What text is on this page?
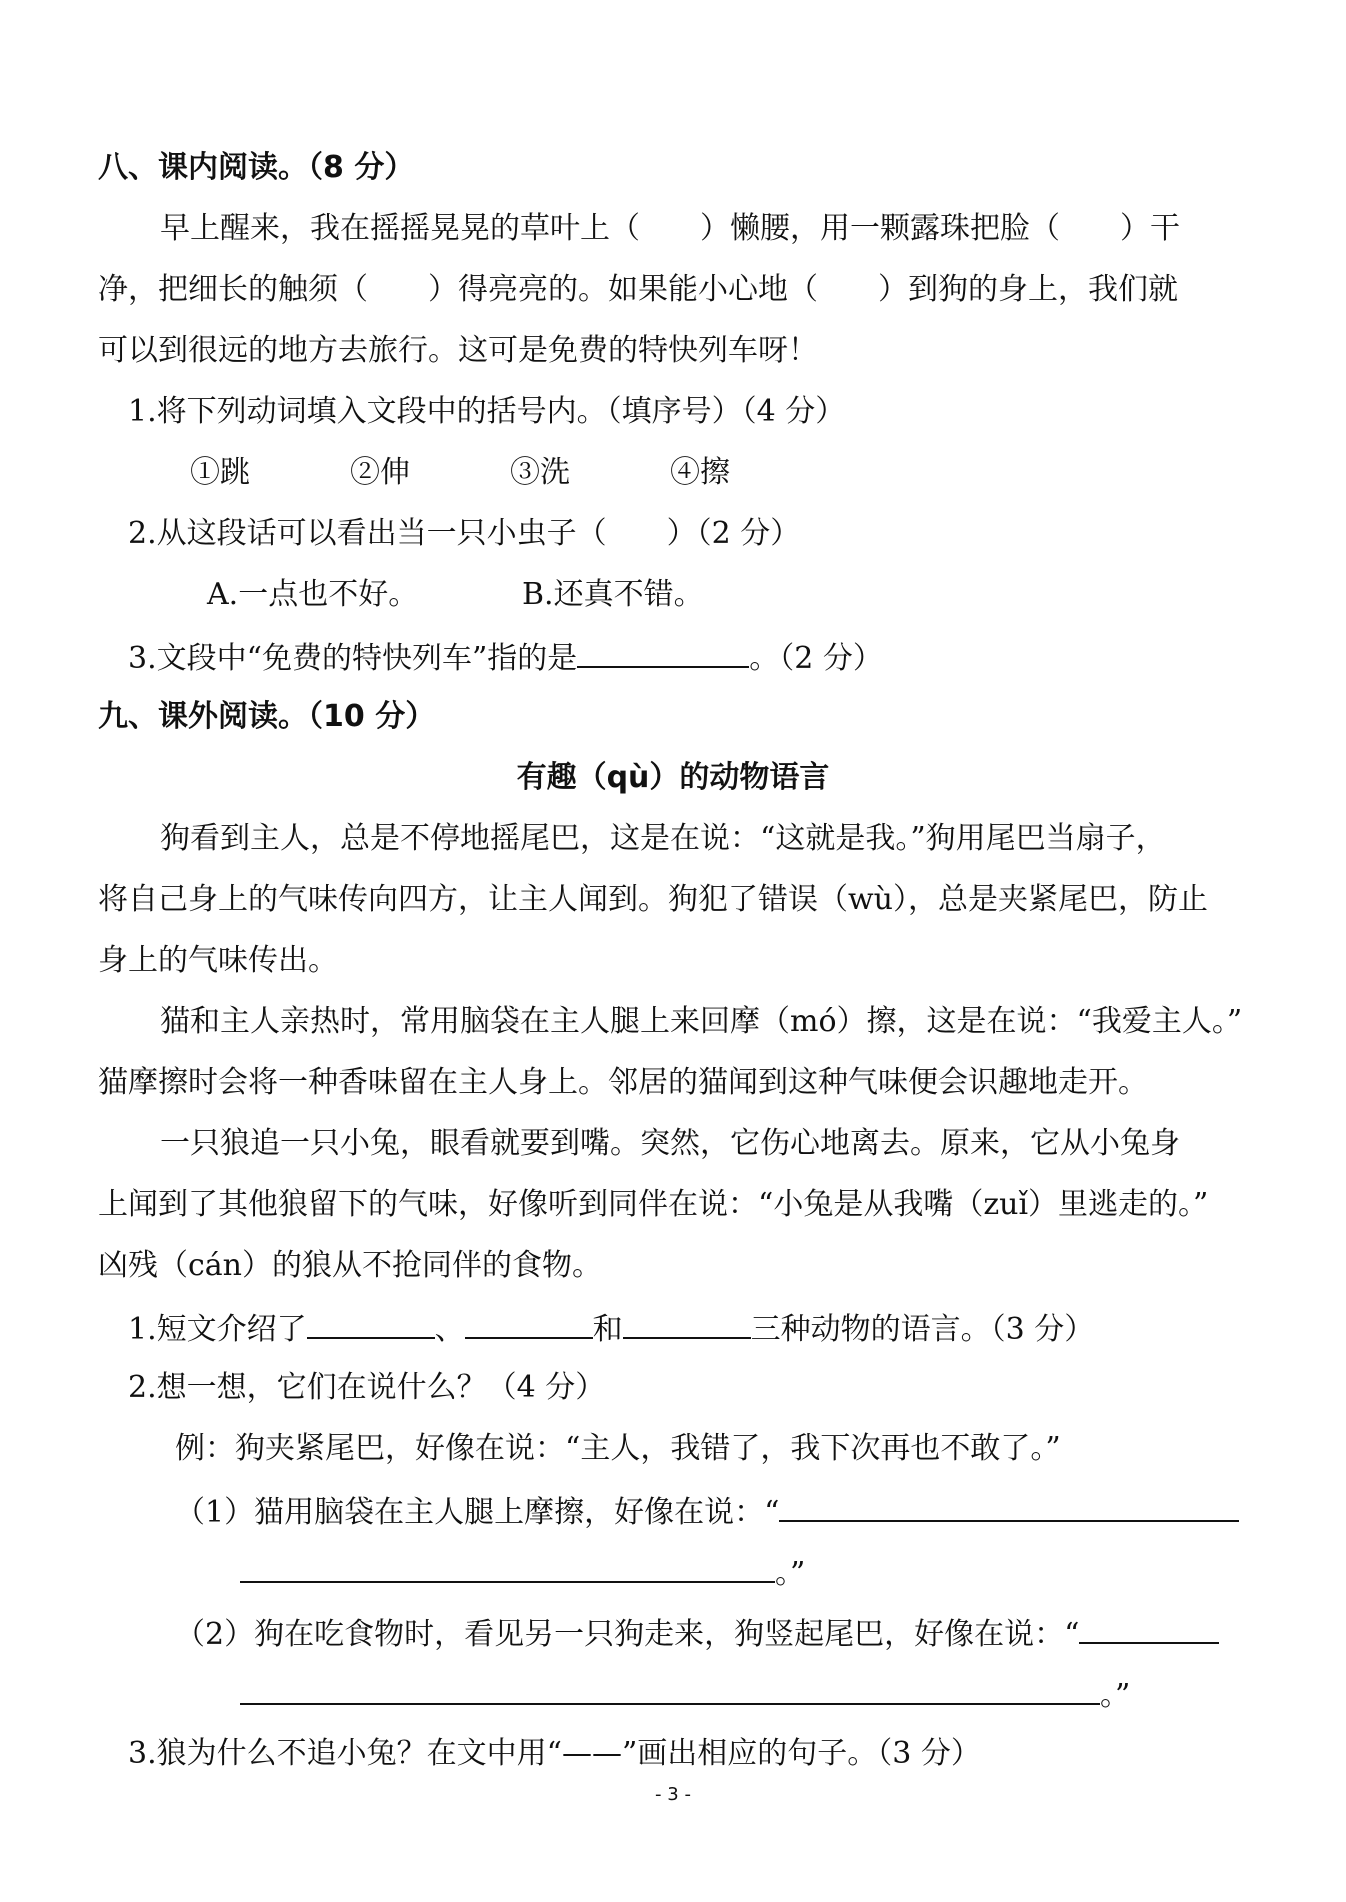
八、课内阅读。（8 分）
早上醒来，我在摇摇晃晃的草叶上（　　）懒腰，用一颗露珠把脸（　　）干
净，把细长的触须（　　）得亮亮的。如果能小心地（　　）到狗的身上，我们就
可以到很远的地方去旅行。这可是免费的特快列车呀！
1.将下列动词填入文段中的括号内。（填序号）（4 分）
①跳	②伸	③洗	④擦
2.从这段话可以看出当一只小虫子（　　）（2 分）
A.一点也不好。	B.还真不错。
3.文段中“免费的特快列车”指的是	。（2 分）
九、课外阅读。（10 分）
有趣（qù）的动物语言
狗看到主人，总是不停地摇尾巴，这是在说：“这就是我。”狗用尾巴当扇子，
将自己身上的气味传向四方，让主人闻到。狗犯了错误（wù），总是夹紧尾巴，防止
身上的气味传出。
猫和主人亲热时，常用脑袋在主人腿上来回摩（mó）擦，这是在说：“我爱主人。”
猫摩擦时会将一种香味留在主人身上。邻居的猫闻到这种气味便会识趣地走开。
一只狼追一只小兔，眼看就要到嘴。突然，它伤心地离去。原来，它从小兔身
上闻到了其他狼留下的气味，好像听到同伴在说：“小兔是从我嘴（zuǐ）里逃走的。”
凶残（cán）的狼从不抢同伴的食物。
1.短文介绍了	、	和	三种动物的语言。（3 分）
2.想一想，它们在说什么？（4 分）
例：狗夹紧尾巴，好像在说：“主人，我错了，我下次再也不敢了。”
（1）猫用脑袋在主人腿上摩擦，好像在说：“
。”
（2）狗在吃食物时，看见另一只狗走来，狗竖起尾巴，好像在说：“
。”
3.狼为什么不追小兔？在文中用“——”画出相应的句子。（3 分）
- 3 -
